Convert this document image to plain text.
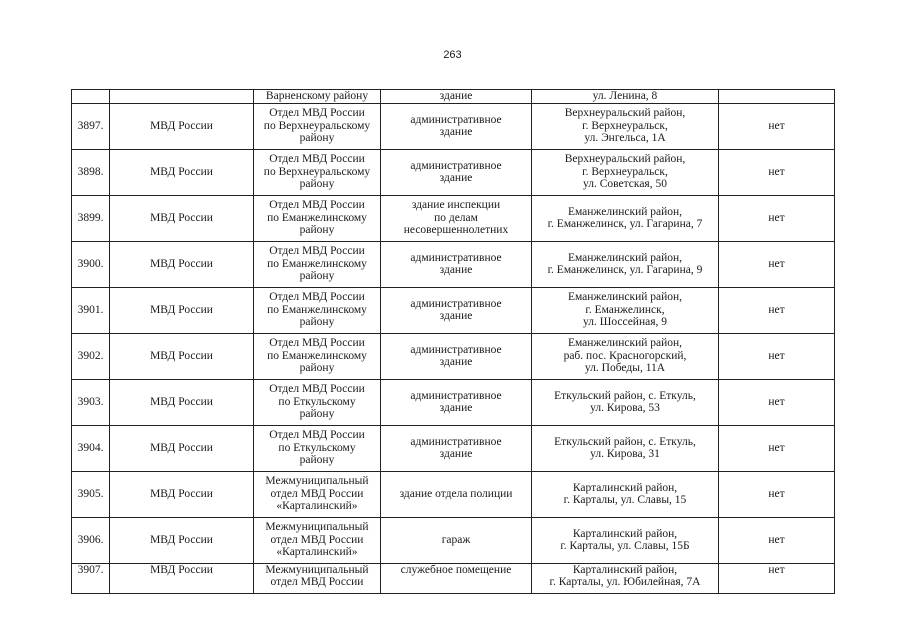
263
		Варненскому району	здание	ул. Ленина, 8	
3897.	МВД России	Отдел МВД России
по Верхнеуральскому
району	административное
здание	Верхнеуральский район,
г. Верхнеуральск,
ул. Энгельса, 1А	нет
3898.	МВД России	Отдел МВД России
по Верхнеуральскому
району	административное
здание	Верхнеуральский район,
г. Верхнеуральск,
ул. Советская, 50	нет
3899.	МВД России	Отдел МВД России
по Еманжелинскому
району	здание инспекции
по делам
несовершеннолетних	Еманжелинский район,
г. Еманжелинск, ул. Гагарина, 7	нет
3900.	МВД России	Отдел МВД России
по Еманжелинскому
району	административное
здание	Еманжелинский район,
г. Еманжелинск, ул. Гагарина, 9	нет
3901.	МВД России	Отдел МВД России
по Еманжелинскому
району	административное
здание	Еманжелинский район,
г. Еманжелинск,
ул. Шоссейная, 9	нет
3902.	МВД России	Отдел МВД России
по Еманжелинскому
району	административное
здание	Еманжелинский район,
раб. пос. Красногорский,
ул. Победы, 11А	нет
3903.	МВД России	Отдел МВД России
по Еткульскому
району	административное
здание	Еткульский район, с. Еткуль,
ул. Кирова, 53	нет
3904.	МВД России	Отдел МВД России
по Еткульскому
району	административное
здание	Еткульский район, с. Еткуль,
ул. Кирова, 31	нет
3905.	МВД России	Межмуниципальный
отдел МВД России
«Карталинский»	здание отдела полиции	Карталинский район,
г. Карталы, ул. Славы, 15	нет
3906.	МВД России	Межмуниципальный
отдел МВД России
«Карталинский»	гараж	Карталинский район,
г. Карталы, ул. Славы, 15Б	нет
3907.	МВД России	Межмуниципальный
отдел МВД России	служебное помещение	Карталинский район,
г. Карталы, ул. Юбилейная, 7А	нет
